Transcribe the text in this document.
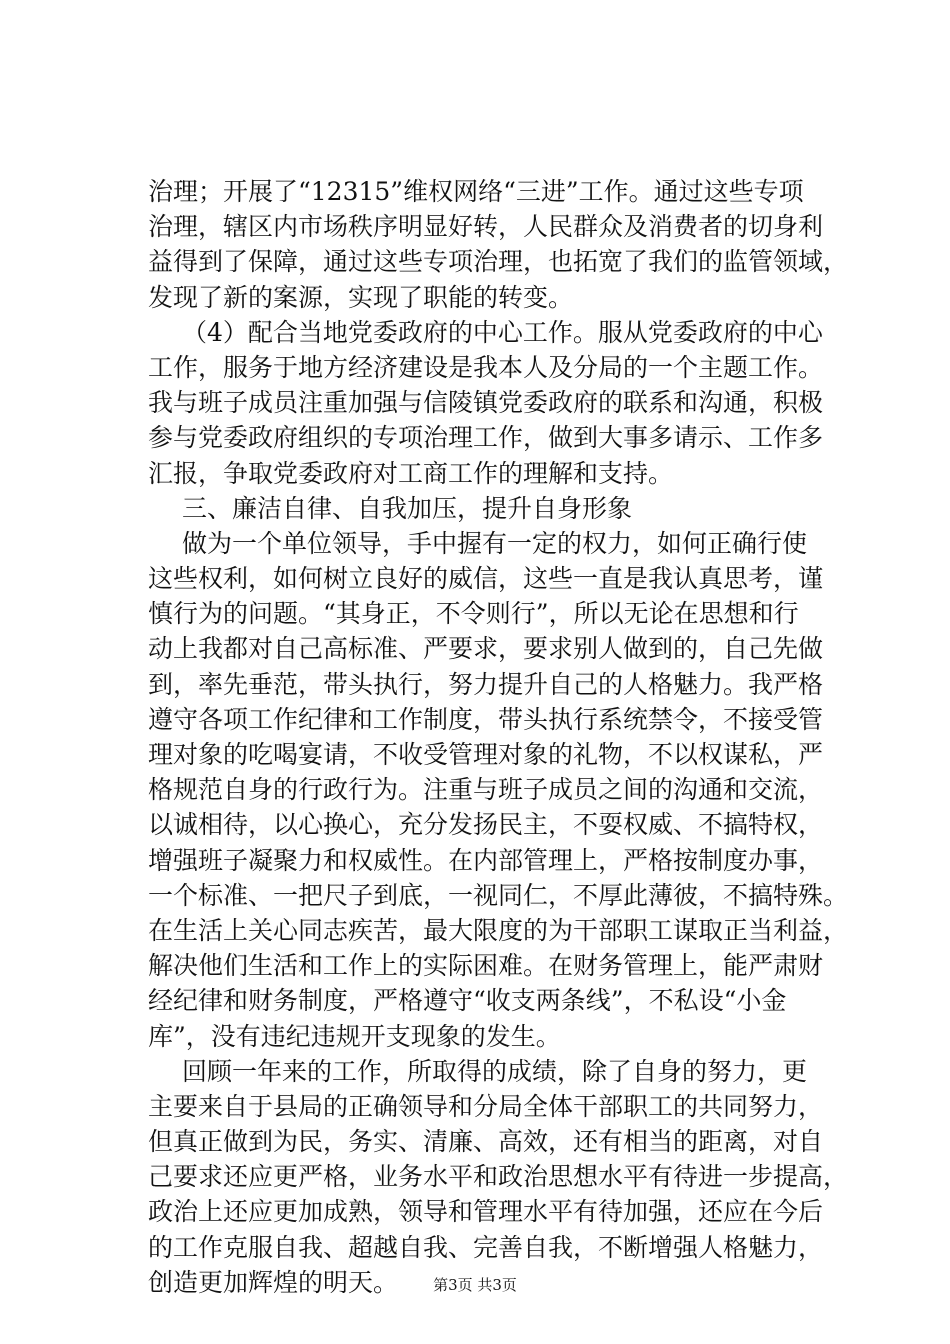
治理；开展了“12315”维权网络“三进”工作。通过这些专项
治理，辖区内市场秩序明显好转，人民群众及消费者的切身利
益得到了保障，通过这些专项治理，也拓宽了我们的监管领域，
发现了新的案源，实现了职能的转变。
（4）配合当地党委政府的中心工作。服从党委政府的中心
工作，服务于地方经济建设是我本人及分局的一个主题工作。
我与班子成员注重加强与信陵镇党委政府的联系和沟通，积极
参与党委政府组织的专项治理工作，做到大事多请示、工作多
汇报，争取党委政府对工商工作的理解和支持。
三、廉洁自律、自我加压，提升自身形象
做为一个单位领导，手中握有一定的权力，如何正确行使
这些权利，如何树立良好的威信，这些一直是我认真思考，谨
慎行为的问题。“其身正，不令则行”，所以无论在思想和行
动上我都对自己高标准、严要求，要求别人做到的，自己先做
到，率先垂范，带头执行，努力提升自己的人格魅力。我严格
遵守各项工作纪律和工作制度，带头执行系统禁令，不接受管
理对象的吃喝宴请，不收受管理对象的礼物，不以权谋私，严
格规范自身的行政行为。注重与班子成员之间的沟通和交流，
以诚相待，以心换心，充分发扬民主，不耍权威、不搞特权，
增强班子凝聚力和权威性。在内部管理上，严格按制度办事，
一个标准、一把尺子到底，一视同仁，不厚此薄彼，不搞特殊。
在生活上关心同志疾苦，最大限度的为干部职工谋取正当利益，
解决他们生活和工作上的实际困难。在财务管理上，能严肃财
经纪律和财务制度，严格遵守“收支两条线”，不私设“小金
库”，没有违纪违规开支现象的发生。
回顾一年来的工作，所取得的成绩，除了自身的努力，更
主要来自于县局的正确领导和分局全体干部职工的共同努力，
但真正做到为民，务实、清廉、高效，还有相当的距离，对自
己要求还应更严格，业务水平和政治思想水平有待进一步提高，
政治上还应更加成熟，领导和管理水平有待加强，还应在今后
的工作克服自我、超越自我、完善自我，不断增强人格魅力，
创造更加辉煌的明天。	第3页 共3页
